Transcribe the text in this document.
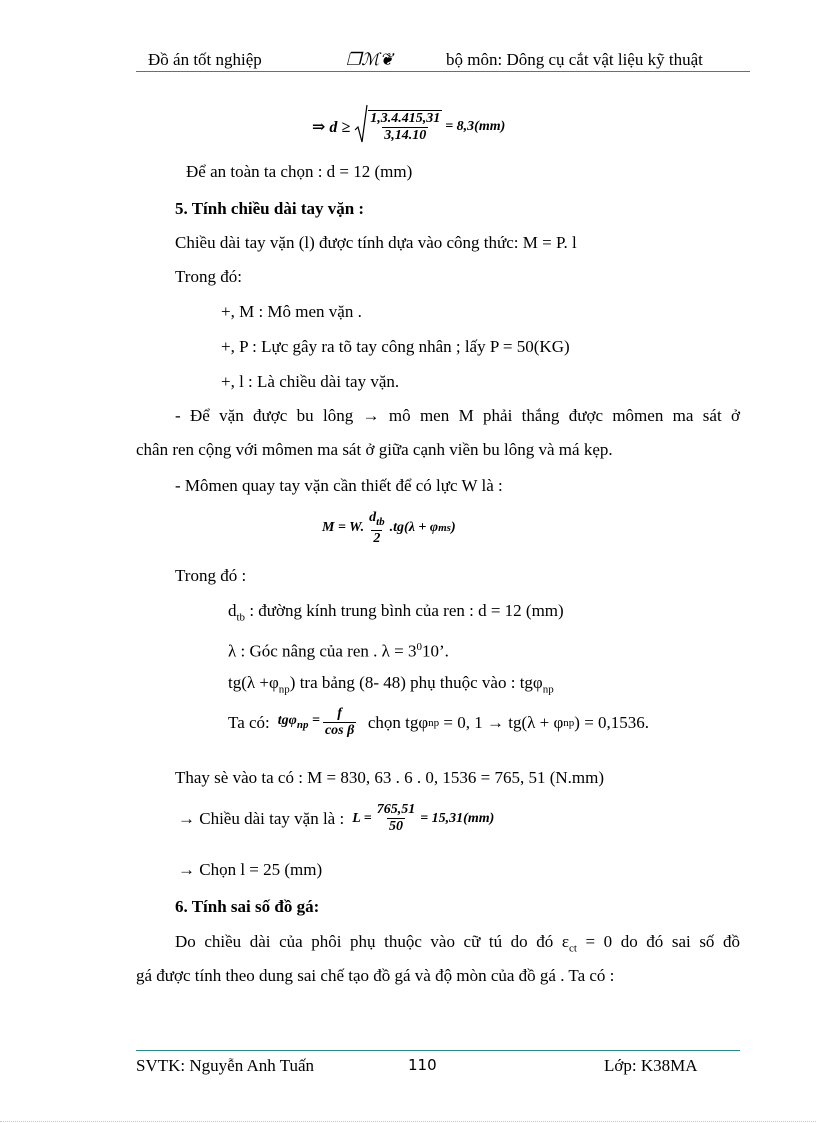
Đồ án tốt nghiệp	❐ℳ❦	bộ môn: Dông cụ cắt vật liệu kỹ thuật
⇒ $d \ge \frac{1,3.4.415,31}{3,14.10} = 8,3(mm)$
Để an toàn ta chọn : d = 12 (mm)
5. Tính chiều dài tay vặn :
Chiều dài tay vặn (l) được tính dựa vào công thức: M = P. l
Trong đó:
+, M : Mô men vặn .
+, P : Lực gây ra tõ tay công nhân ; lấy P = 50(KG)
+, l : Là chiều dài tay vặn.
- Để vặn được bu lông → mô men M phải thắng được mômen ma sát ở
chân ren cộng với mômen ma sát ở giữa cạnh viền bu lông và má kẹp.
- Mômen quay tay vặn cần thiết để có lực W là :
M = W. $\frac{d_{tb}}{2} .tg(\lambda + \varphi$ ms )
Trong đó :
$d_{tb}$ : đường kính trung bình của ren : d = 12 (mm)
λ : Góc nâng của ren . $\lambda = 3^010$’.
$tg(\lambda +\varphi_{np})$ tra bảng (8- 48) phụ thuộc vào : tgφ$_{np}$
Ta có: $tg\varphi_{np} = \frac{f}{\text{cos β}}$ chọn tgφ np = 0, 1 → tg(λ + φ np ) = 0,1536.
Thay sè vào ta có : M = 830, 63 . 6 . 0, 1536 = 765, 51 (N.mm)
→ Chiều dài tay vặn là : $L = \frac{765,51}{50} = 15,31(mm)$
→ Chọn l = 25 (mm)
6. Tính sai số đồ gá:
Do chiều dài của phôi phụ thuộc vào cữ tú do đó $\varepsilon_{ct} = 0$ do đó sai số đồ
gá được tính theo dung sai chế tạo đồ gá và độ mòn của đồ gá . Ta có :
SVTK: Nguyễn Anh Tuấn	110	Lớp: K38MA
